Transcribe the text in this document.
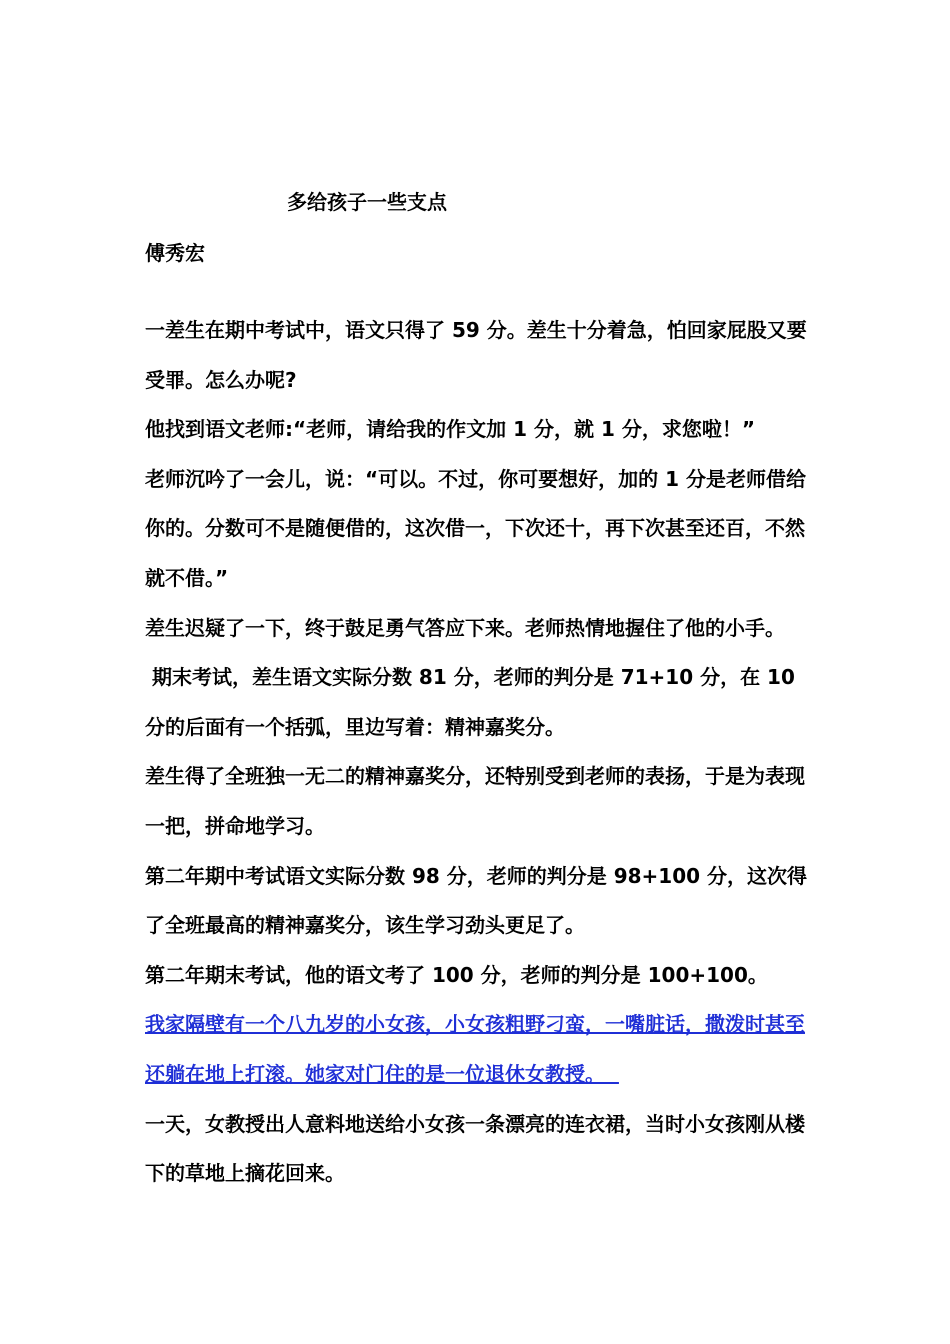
多给孩子一些支点
傅秀宏

一差生在期中考试中，语文只得了 59 分。差生十分着急，怕回家屁股又要受罪。怎么办呢?

他找到语文老师:“老师，请给我的作文加 1 分，就 1 分，求您啦！”

老师沉吟了一会儿，说：“可以。不过，你可要想好，加的 1 分是老师借给你的。分数可不是随便借的，这次借一，下次还十，再下次甚至还百，不然就不借。”

差生迟疑了一下，终于鼓足勇气答应下来。老师热情地握住了他的小手。

期末考试，差生语文实际分数 81 分，老师的判分是 71+10 分，在 10 分的后面有一个括弧，里边写着：精神嘉奖分。

差生得了全班独一无二的精神嘉奖分，还特别受到老师的表扬，于是为表现一把，拼命地学习。

第二年期中考试语文实际分数 98 分，老师的判分是 98+100 分，这次得了全班最高的精神嘉奖分，该生学习劲头更足了。

第二年期末考试，他的语文考了 100 分，老师的判分是 100+100。

我家隔壁有一个八九岁的小女孩，小女孩粗野刁蛮，一嘴脏话，撒泼时甚至还躺在地上打滚。她家对门住的是一位退休女教授。

一天，女教授出人意料地送给小女孩一条漂亮的连衣裙，当时小女孩刚从楼下的草地上摘花回来。
